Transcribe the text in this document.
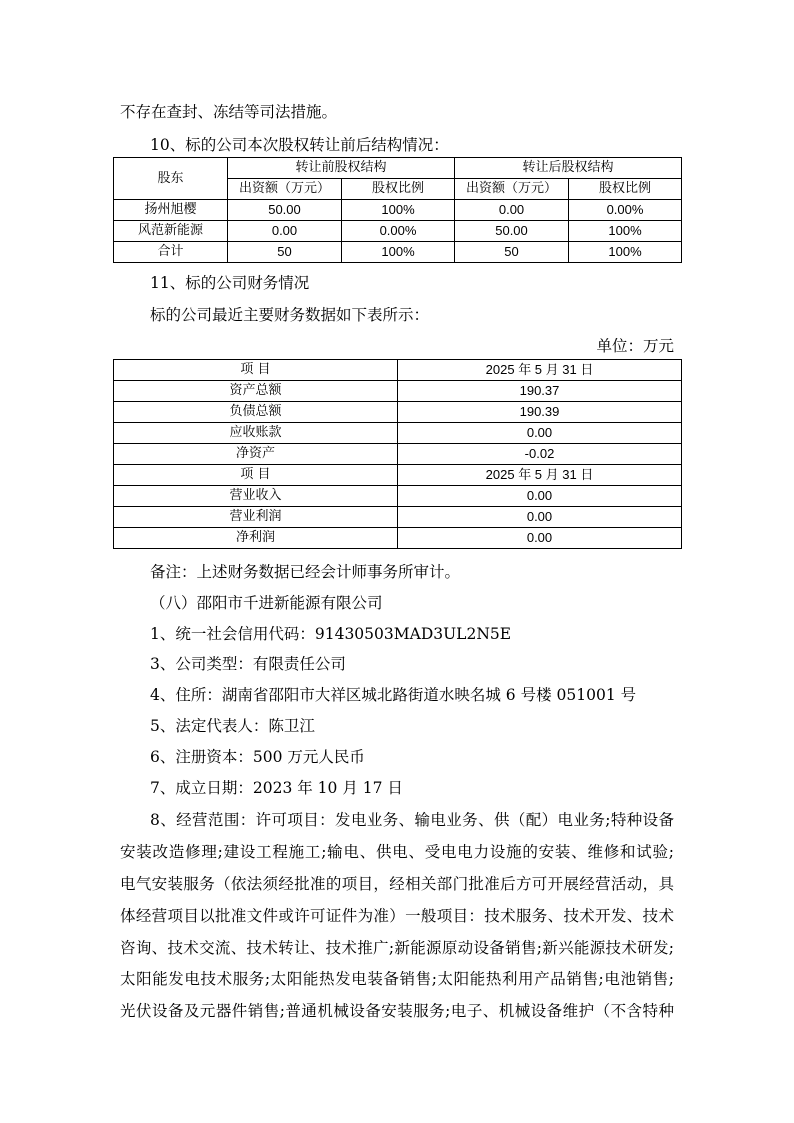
不存在查封、冻结等司法措施。
10、标的公司本次股权转让前后结构情况：
股东	转让前股权结构		转让后股权结构	
	出资额（万元）	股权比例	出资额（万元）	股权比例
扬州旭樱	50.00	100%	0.00	0.00%
风范新能源	0.00	0.00%	50.00	100%
合计	50	100%	50	100%
11、标的公司财务情况
标的公司最近主要财务数据如下表所示：
单位：万元
项 目	2025 年 5 月 31 日
资产总额	190.37
负债总额	190.39
应收账款	0.00
净资产	-0.02
项 目	2025 年 5 月 31 日
营业收入	0.00
营业利润	0.00
净利润	0.00
备注：上述财务数据已经会计师事务所审计。
（八）邵阳市千进新能源有限公司
1、统一社会信用代码：91430503MAD3UL2N5E
3、公司类型：有限责任公司
4、住所：湖南省邵阳市大祥区城北路街道水映名城 6 号楼 051001 号
5、法定代表人：陈卫江
6、注册资本：500 万元人民币
7、成立日期：2023 年 10 月 17 日
8、经营范围：许可项目：发电业务、输电业务、供（配）电业务;特种设备
安装改造修理;建设工程施工;输电、供电、受电电力设施的安装、维修和试验;
电气安装服务（依法须经批准的项目，经相关部门批准后方可开展经营活动，具
体经营项目以批准文件或许可证件为准）一般项目：技术服务、技术开发、技术
咨询、技术交流、技术转让、技术推广;新能源原动设备销售;新兴能源技术研发;
太阳能发电技术服务;太阳能热发电装备销售;太阳能热利用产品销售;电池销售;
光伏设备及元器件销售;普通机械设备安装服务;电子、机械设备维护（不含特种
